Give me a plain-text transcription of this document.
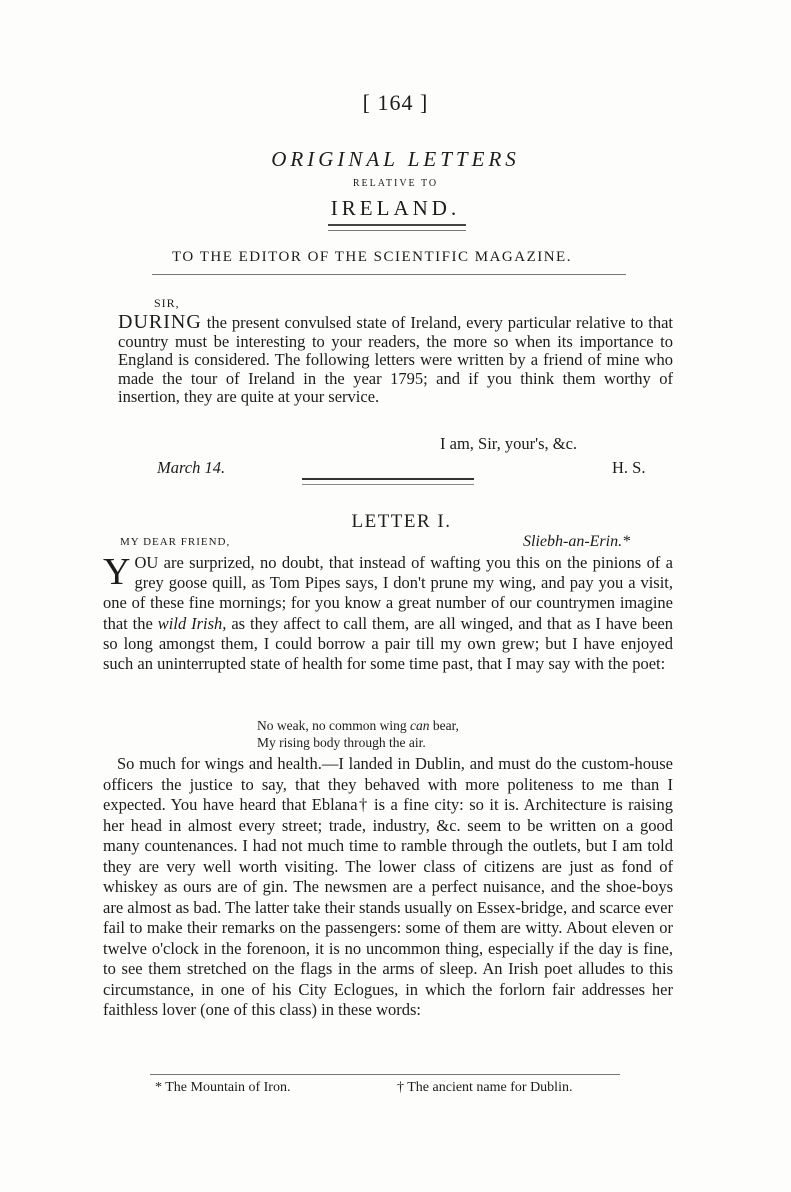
[ 164 ]
ORIGINAL LETTERS
RELATIVE TO
IRELAND.
TO THE EDITOR OF THE SCIENTIFIC MAGAZINE.
SIR,
DURING the present convulsed state of Ireland, every particular relative to that country must be interesting to your readers, the more so when its importance to England is considered. The following letters were written by a friend of mine who made the tour of Ireland in the year 1795; and if you think them worthy of insertion, they are quite at your service.
I am, Sir, your's, &c.
March 14.	H. S.
LETTER I.
MY DEAR FRIEND,	Sliebh-an-Erin.*
YOU are surprized, no doubt, that instead of wafting you this on the pinions of a grey goose quill, as Tom Pipes says, I don't prune my wing, and pay you a visit, one of these fine mornings; for you know a great number of our countrymen imagine that the wild Irish, as they affect to call them, are all winged, and that as I have been so long amongst them, I could borrow a pair till my own grew; but I have enjoyed such an uninterrupted state of health for some time past, that I may say with the poet:
No weak, no common wing can bear,
My rising body through the air.
So much for wings and health.—I landed in Dublin, and must do the custom-house officers the justice to say, that they behaved with more politeness to me than I expected. You have heard that Eblana† is a fine city: so it is. Architecture is raising her head in almost every street; trade, industry, &c. seem to be written on a good many countenances. I had not much time to ramble through the outlets, but I am told they are very well worth visiting. The lower class of citizens are just as fond of whiskey as ours are of gin. The newsmen are a perfect nuisance, and the shoe-boys are almost as bad. The latter take their stands usually on Essex-bridge, and scarce ever fail to make their remarks on the passengers: some of them are witty. About eleven or twelve o'clock in the forenoon, it is no uncommon thing, especially if the day is fine, to see them stretched on the flags in the arms of sleep. An Irish poet alludes to this circumstance, in one of his City Eclogues, in which the forlorn fair addresses her faithless lover (one of this class) in these words:
* The Mountain of Iron.	† The ancient name for Dublin.
